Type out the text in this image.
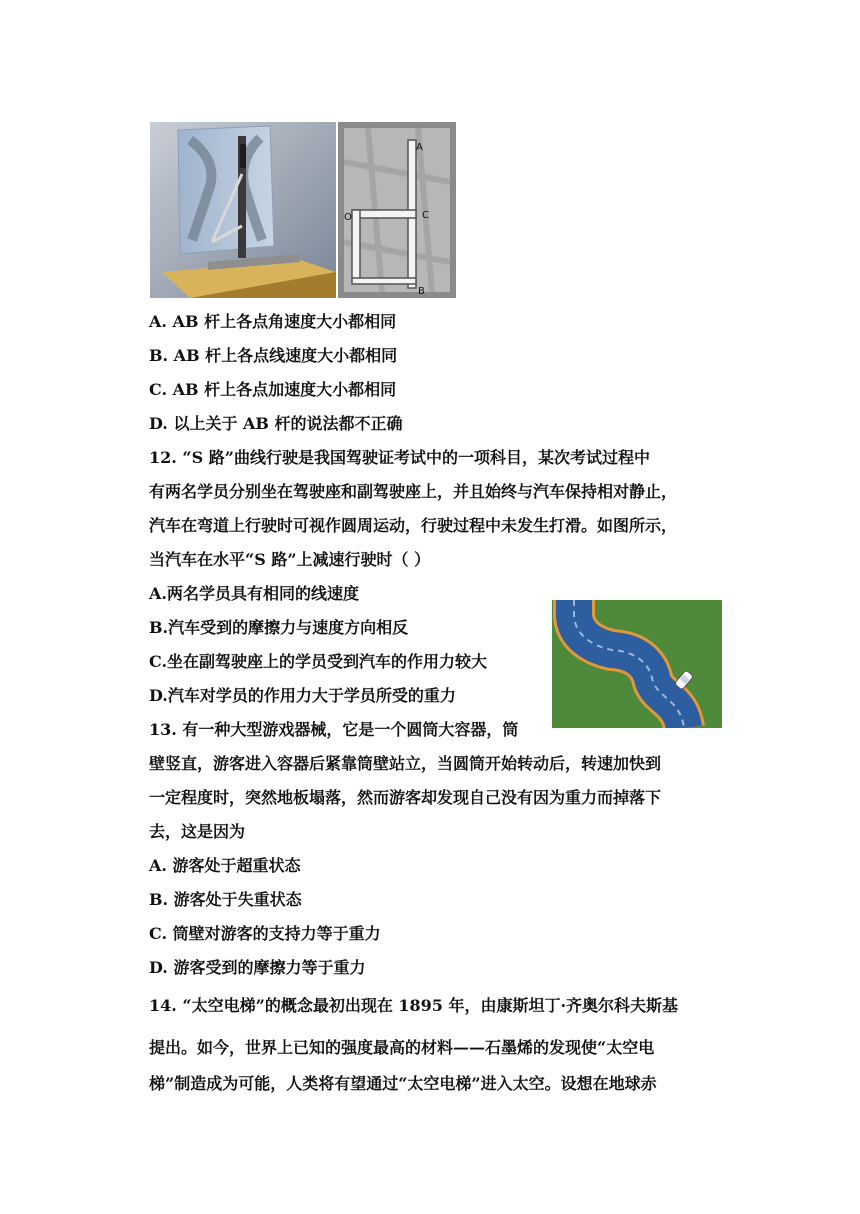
A
C
O
B
A. AB 杆上各点角速度大小都相同
B. AB 杆上各点线速度大小都相同
C. AB 杆上各点加速度大小都相同
D. 以上关于 AB 杆的说法都不正确
12. “S 路”曲线行驶是我国驾驶证考试中的一项科目，某次考试过程中
有两名学员分别坐在驾驶座和副驾驶座上，并且始终与汽车保持相对静止，
汽车在弯道上行驶时可视作圆周运动，行驶过程中未发生打滑。如图所示，
当汽车在水平“S 路”上减速行驶时（ ）
A.两名学员具有相同的线速度
B.汽车受到的摩擦力与速度方向相反
C.坐在副驾驶座上的学员受到汽车的作用力较大
D.汽车对学员的作用力大于学员所受的重力
13. 有一种大型游戏器械，它是一个圆筒大容器，筒
壁竖直，游客进入容器后紧靠筒壁站立，当圆筒开始转动后，转速加快到
一定程度时，突然地板塌落，然而游客却发现自己没有因为重力而掉落下
去，这是因为
A. 游客处于超重状态
B. 游客处于失重状态
C. 筒壁对游客的支持力等于重力
D. 游客受到的摩擦力等于重力
14. “太空电梯”的概念最初出现在 1895 年，由康斯坦丁·齐奥尔科夫斯基
提出。如今，世界上已知的强度最高的材料——石墨烯的发现使“太空电
梯”制造成为可能，人类将有望通过“太空电梯”进入太空。设想在地球赤
